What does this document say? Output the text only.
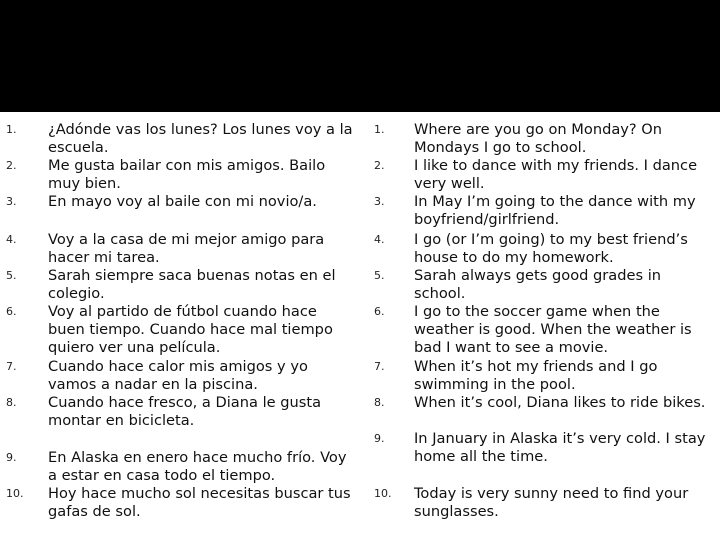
1. ¿Adónde vas los lunes? Los lunes voy a la escuela.
2. Me gusta bailar con mis amigos. Bailo muy bien.
3. En mayo voy al baile con mi novio/a.
4. Voy a la casa de mi mejor amigo para hacer mi tarea.
5. Sarah siempre saca buenas notas en el colegio.
6. Voy al partido de fútbol cuando hace buen tiempo. Cuando hace mal tiempo quiero ver una película.
7. Cuando hace calor mis amigos y yo vamos a nadar en la piscina.
8. Cuando hace fresco, a Diana le gusta montar en bicicleta.
9. En Alaska en enero hace mucho frío. Voy a estar en casa todo el tiempo.
10. Hoy hace mucho sol necesitas buscar tus gafas de sol.
1. Where are you go on Monday? On Mondays I go to school.
2. I like to dance with my friends. I dance very well.
3. In May I’m going to the dance with my boyfriend/girlfriend.
4. I go (or I’m going) to my best friend’s house to do my homework.
5. Sarah always gets good grades in school.
6. I go to the soccer game when the weather is good. When the weather is bad I want to see a movie.
7. When it’s hot my friends and I go swimming in the pool.
8. When it’s cool, Diana likes to ride bikes.
9. In January in Alaska it’s very cold. I stay home all the time.
10. Today is very sunny need to find your sunglasses.
